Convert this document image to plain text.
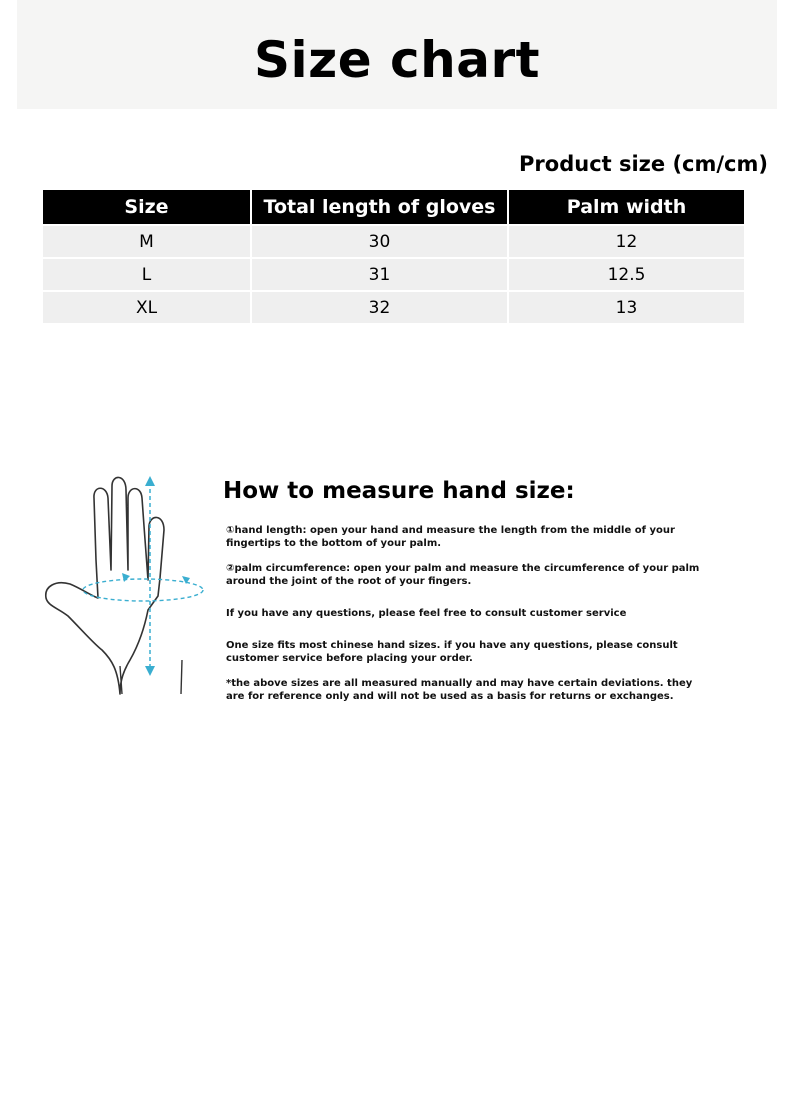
Size chart
Product size (cm/cm)
Size	Total length of gloves	Palm width
M	30	12
L	31	12.5
XL	32	13
How to measure hand size:
①hand length: open your hand and measure the length from the middle of your fingertips to the bottom of your palm.
②palm circumference: open your palm and measure the circumference of your palm around the joint of the root of your fingers.
If you have any questions, please feel free to consult customer service
One size fits most chinese hand sizes. if you have any questions, please consult customer service before placing your order.
*the above sizes are all measured manually and may have certain deviations. they are for reference only and will not be used as a basis for returns or exchanges.
